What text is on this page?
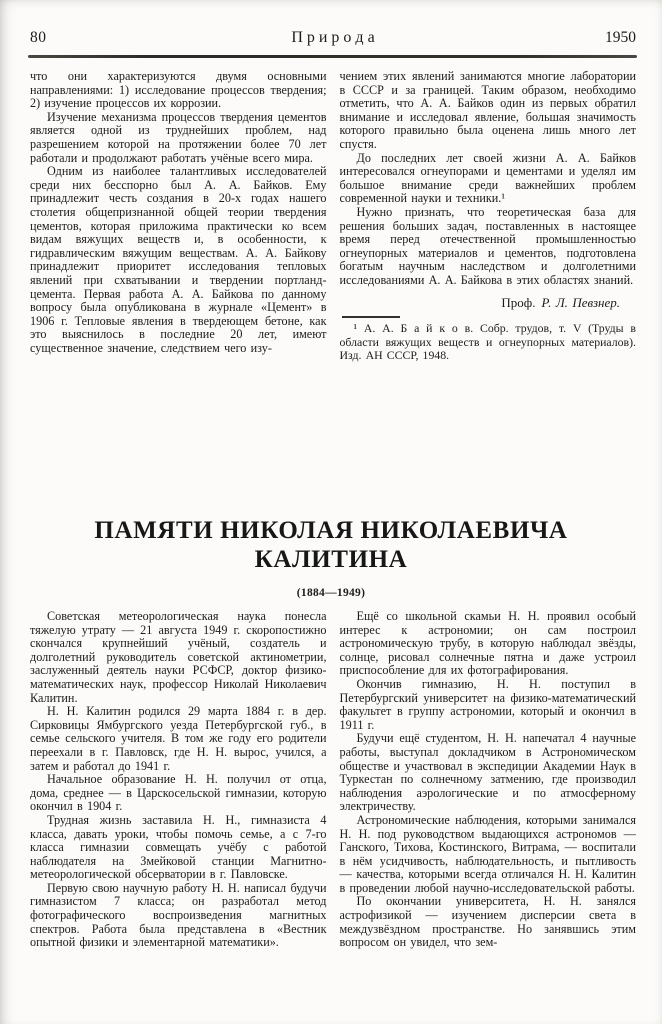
80	П р и р о д а	1950

что они характеризуются двумя основными направлениями: 1) исследование процессов твердения; 2) изучение процессов их коррозии.

Изучение механизма процессов твердения цементов является одной из труднейших проблем, над разрешением которой на протяжении более 70 лет работали и продолжают работать учёные всего мира.

Одним из наиболее талантливых исследователей среди них бесспорно был А. А. Байков. Ему принадлежит честь создания в 20-х годах нашего столетия общепризнанной общей теории твердения цементов, которая приложима практически ко всем видам вяжущих веществ и, в особенности, к гидравлическим вяжущим веществам. А. А. Байкову принадлежит приоритет исследования тепловых явлений при схватывании и твердении портланд-цемента. Первая работа А. А. Байкова по данному вопросу была опубликована в журнале «Цемент» в 1906 г. Тепловые явления в твердеющем бетоне, как это выяснилось в последние 20 лет, имеют существенное значение, следствием чего изу-

чением этих явлений занимаются многие лаборатории в СССР и за границей. Таким образом, необходимо отметить, что А. А. Байков один из первых обратил внимание и исследовал явление, большая значимость которого правильно была оценена лишь много лет спустя.

До последних лет своей жизни А. А. Байков интересовался огнеупорами и цементами и уделял им большое внимание среди важнейших проблем современной науки и техники.¹

Нужно признать, что теоретическая база для решения больших задач, поставленных в настоящее время перед отечественной промышленностью огнеупорных материалов и цементов, подготовлена богатым научным наследством и долголетними исследованиями А. А. Байкова в этих областях знаний.

Проф. Р. Л. Певзнер.

¹ А. А. Б а й к о в. Собр. трудов, т. V (Труды в области вяжущих веществ и огнеупорных материалов). Изд. АН СССР, 1948.

ПАМЯТИ НИКОЛАЯ НИКОЛАЕВИЧА КАЛИТИНА
(1884—1949)

Советская метеорологическая наука понесла тяжелую утрату — 21 августа 1949 г. скоропостижно скончался крупнейший учёный, создатель и долголетний руководитель советской актинометрии, заслуженный деятель науки РСФСР, доктор физико-математических наук, профессор Николай Николаевич Калитин.

Н. Н. Калитин родился 29 марта 1884 г. в дер. Сирковицы Ямбургского уезда Петербургской губ., в семье сельского учителя. В том же году его родители переехали в г. Павловск, где Н. Н. вырос, учился, а затем и работал до 1941 г.

Начальное образование Н. Н. получил от отца, дома, среднее — в Царскосельской гимназии, которую окончил в 1904 г.

Трудная жизнь заставила Н. Н., гимназиста 4 класса, давать уроки, чтобы помочь семье, а с 7-го класса гимназии совмещать учёбу с работой наблюдателя на Змейковой станции Магнитно-метеорологической обсерватории в г. Павловске.

Первую свою научную работу Н. Н. написал будучи гимназистом 7 класса; он разработал метод фотографического воспроизведения магнитных спектров. Работа была представлена в «Вестник опытной физики и элементарной математики».

Ещё со школьной скамьи Н. Н. проявил особый интерес к астрономии; он сам построил астрономическую трубу, в которую наблюдал звёзды, солнце, рисовал солнечные пятна и даже устроил приспособление для их фотографирования.

Окончив гимназию, Н. Н. поступил в Петербургский университет на физико-математический факультет в группу астрономии, который и окончил в 1911 г.

Будучи ещё студентом, Н. Н. напечатал 4 научные работы, выступал докладчиком в Астрономическом обществе и участвовал в экспедиции Академии Наук в Туркестан по солнечному затмению, где производил наблюдения аэрологические и по атмосферному электричеству.

Астрономические наблюдения, которыми занимался Н. Н. под руководством выдающихся астрономов — Ганского, Тихова, Костинского, Витрама, — воспитали в нём усидчивость, наблюдательность, и пытливость — качества, которыми всегда отличался Н. Н. Калитин в проведении любой научно-исследовательской работы.

По окончании университета, Н. Н. занялся астрофизикой — изучением дисперсии света в междузвёздном пространстве. Но занявшись этим вопросом он увидел, что зем-
